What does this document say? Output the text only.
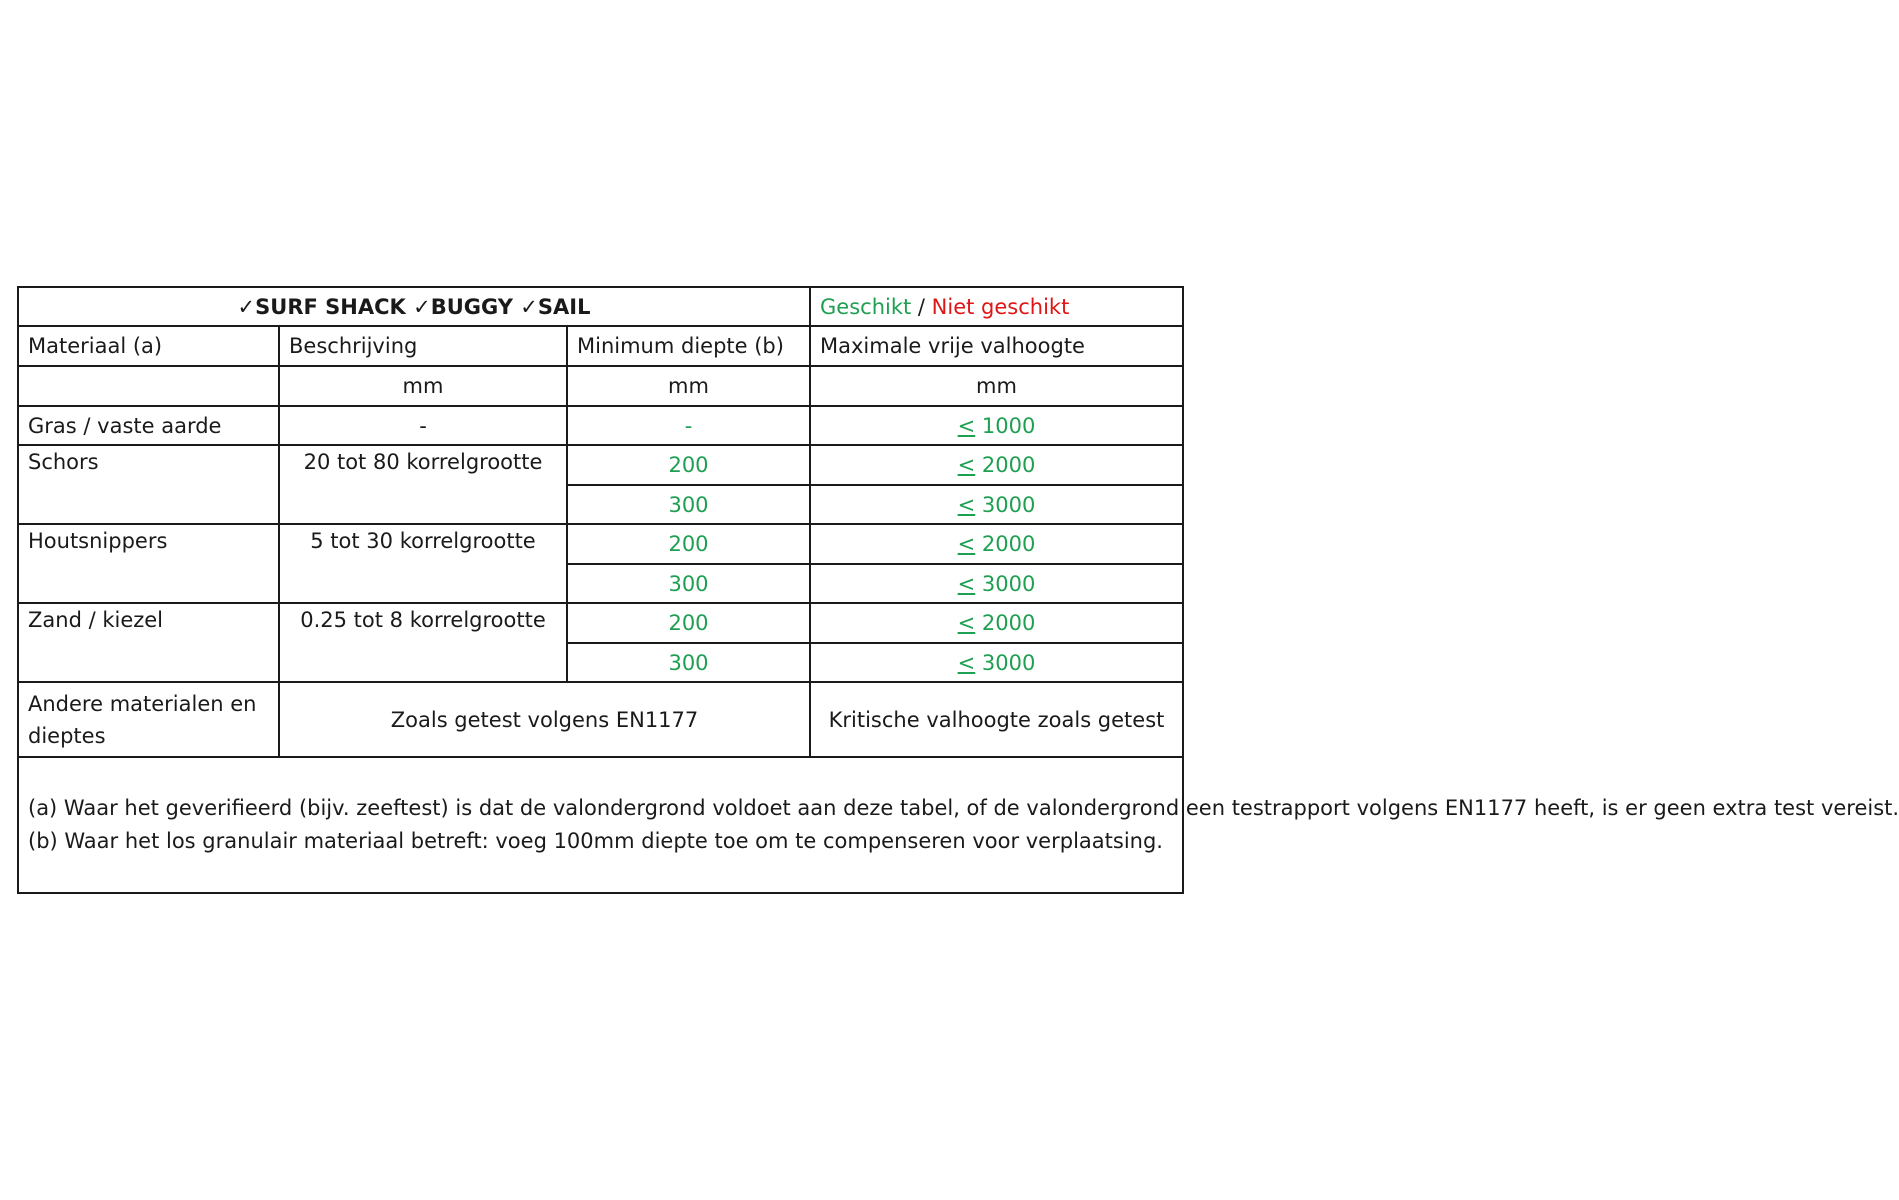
✓SURF SHACK ✓BUGGY ✓SAIL			Geschikt / Niet geschikt
Materiaal (a)	Beschrijving	Minimum diepte (b)	Maximale vrije valhoogte
	mm	mm	mm
Gras / vaste aarde	-	-	≤ 1000
Schors	20 tot 80 korrelgrootte	200	≤ 2000
		300	≤ 3000
Houtsnippers	5 tot 30 korrelgrootte	200	≤ 2000
		300	≤ 3000
Zand / kiezel	0.25 tot 8 korrelgrootte	200	≤ 2000
		300	≤ 3000
Andere materialen en dieptes	Zoals getest volgens EN1177		Kritische valhoogte zoals getest

(a) Waar het geverifieerd (bijv. zeeftest) is dat de valondergrond voldoet aan deze tabel, of de valondergrond een testrapport volgens EN1177 heeft, is er geen extra test vereist.

(b) Waar het los granulair materiaal betreft: voeg 100mm diepte toe om te compenseren voor verplaatsing.			
